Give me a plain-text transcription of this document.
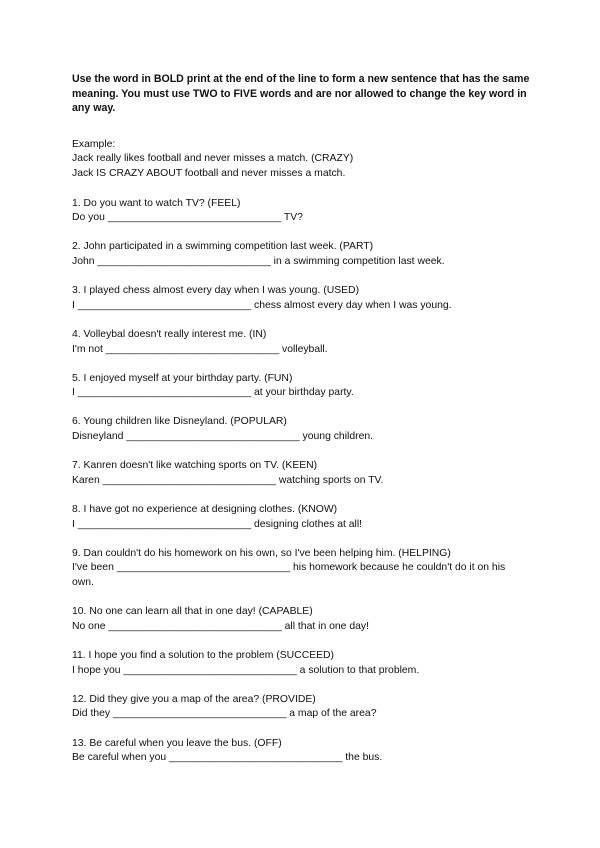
Use the word in BOLD print at the end of the line to form a new sentence that has the same meaning. You must use TWO to FIVE words and are nor allowed to change the key word in any way.

Example:

Jack really likes football and never misses a match. (CRAZY)

Jack IS CRAZY ABOUT football and never misses a match.

1. Do you want to watch TV? (FEEL)

Do you ______________________________ TV?

2. John participated in a swimming competition last week. (PART)

John ______________________________ in a swimming competition last week.

3. I played chess almost every day when I was young. (USED)

I ______________________________ chess almost every day when I was young.

4. Volleybal doesn't really interest me. (IN)

I'm not ______________________________ volleyball.

5. I enjoyed myself at your birthday party. (FUN)

I ______________________________ at your birthday party.

6. Young children like Disneyland. (POPULAR)

Disneyland ______________________________ young children.

7. Kanren doesn't like watching sports on TV. (KEEN)

Karen ______________________________ watching sports on TV.

8. I have got no experience at designing clothes. (KNOW)

I ______________________________ designing clothes at all!

9. Dan couldn't do his homework on his own, so I've been helping him. (HELPING)

I've been ______________________________ his homework because he couldn't do it on his own.

10. No one can learn all that in one day! (CAPABLE)

No one ______________________________ all that in one day!

11. I hope you find a solution to the problem (SUCCEED)

I hope you ______________________________ a solution to that problem.

12. Did they give you a map of the area? (PROVIDE)

Did they ______________________________ a map of the area?

13. Be careful when you leave the bus. (OFF)

Be careful when you ______________________________ the bus.
